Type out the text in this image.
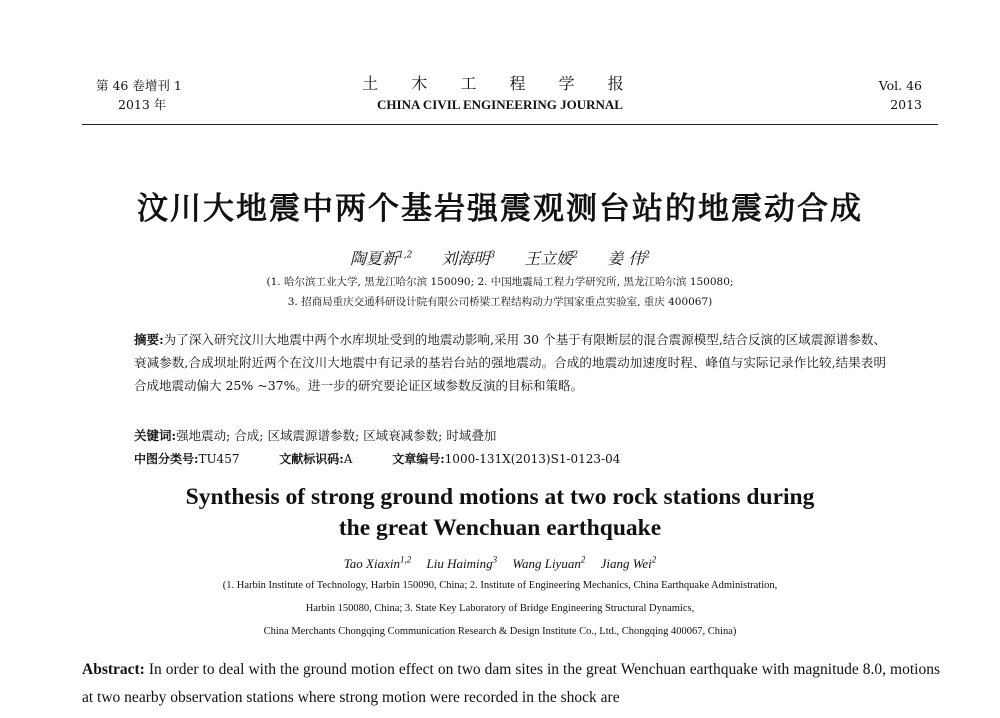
第 46 卷增刊 1
2013 年
土 木 工 程 学 报
CHINA CIVIL ENGINEERING JOURNAL
Vol. 46
2013
汶川大地震中两个基岩强震观测台站的地震动合成
陶夏新$^{1,2}$ 刘海明$^3$ 王立媛$^2$ 姜 伟$^2$
(1. 哈尔滨工业大学, 黑龙江哈尔滨 150090; 2. 中国地震局工程力学研究所, 黑龙江哈尔滨 150080;
3. 招商局重庆交通科研设计院有限公司桥梁工程结构动力学国家重点实验室, 重庆 400067)
摘要:为了深入研究汶川大地震中两个水库坝址受到的地震动影响,采用 30 个基于有限断层的混合震源模型,结合反演的区域震源谱参数、衰减参数,合成坝址附近两个在汶川大地震中有记录的基岩台站的强地震动。合成的地震动加速度时程、峰值与实际记录作比较,结果表明合成地震动偏大 25% ~37%。进一步的研究要论证区域参数反演的目标和策略。
关键词:强地震动; 合成; 区域震源谱参数; 区域衰减参数; 时域叠加
中图分类号:TU457	文献标识码:A	文章编号:1000-131X(2013)S1-0123-04
Synthesis of strong ground motions at two rock stations during
the great Wenchuan earthquake
Tao Xiaxin$^{1,2}$ Liu Haiming$^3$ Wang Liyuan$^2$ Jiang Wei$^2$
(1. Harbin Institute of Technology, Harbin 150090, China; 2. Institute of Engineering Mechanics, China Earthquake Administration,
Harbin 150080, China; 3. State Key Laboratory of Bridge Engineering Structural Dynamics,
China Merchants Chongqing Communication Research & Design Institute Co., Ltd., Chongqing 400067, China)
Abstract: In order to deal with the ground motion effect on two dam sites in the great Wenchuan earthquake with magnitude 8.0, motions at two nearby observation stations where strong motion were recorded in the shock are
